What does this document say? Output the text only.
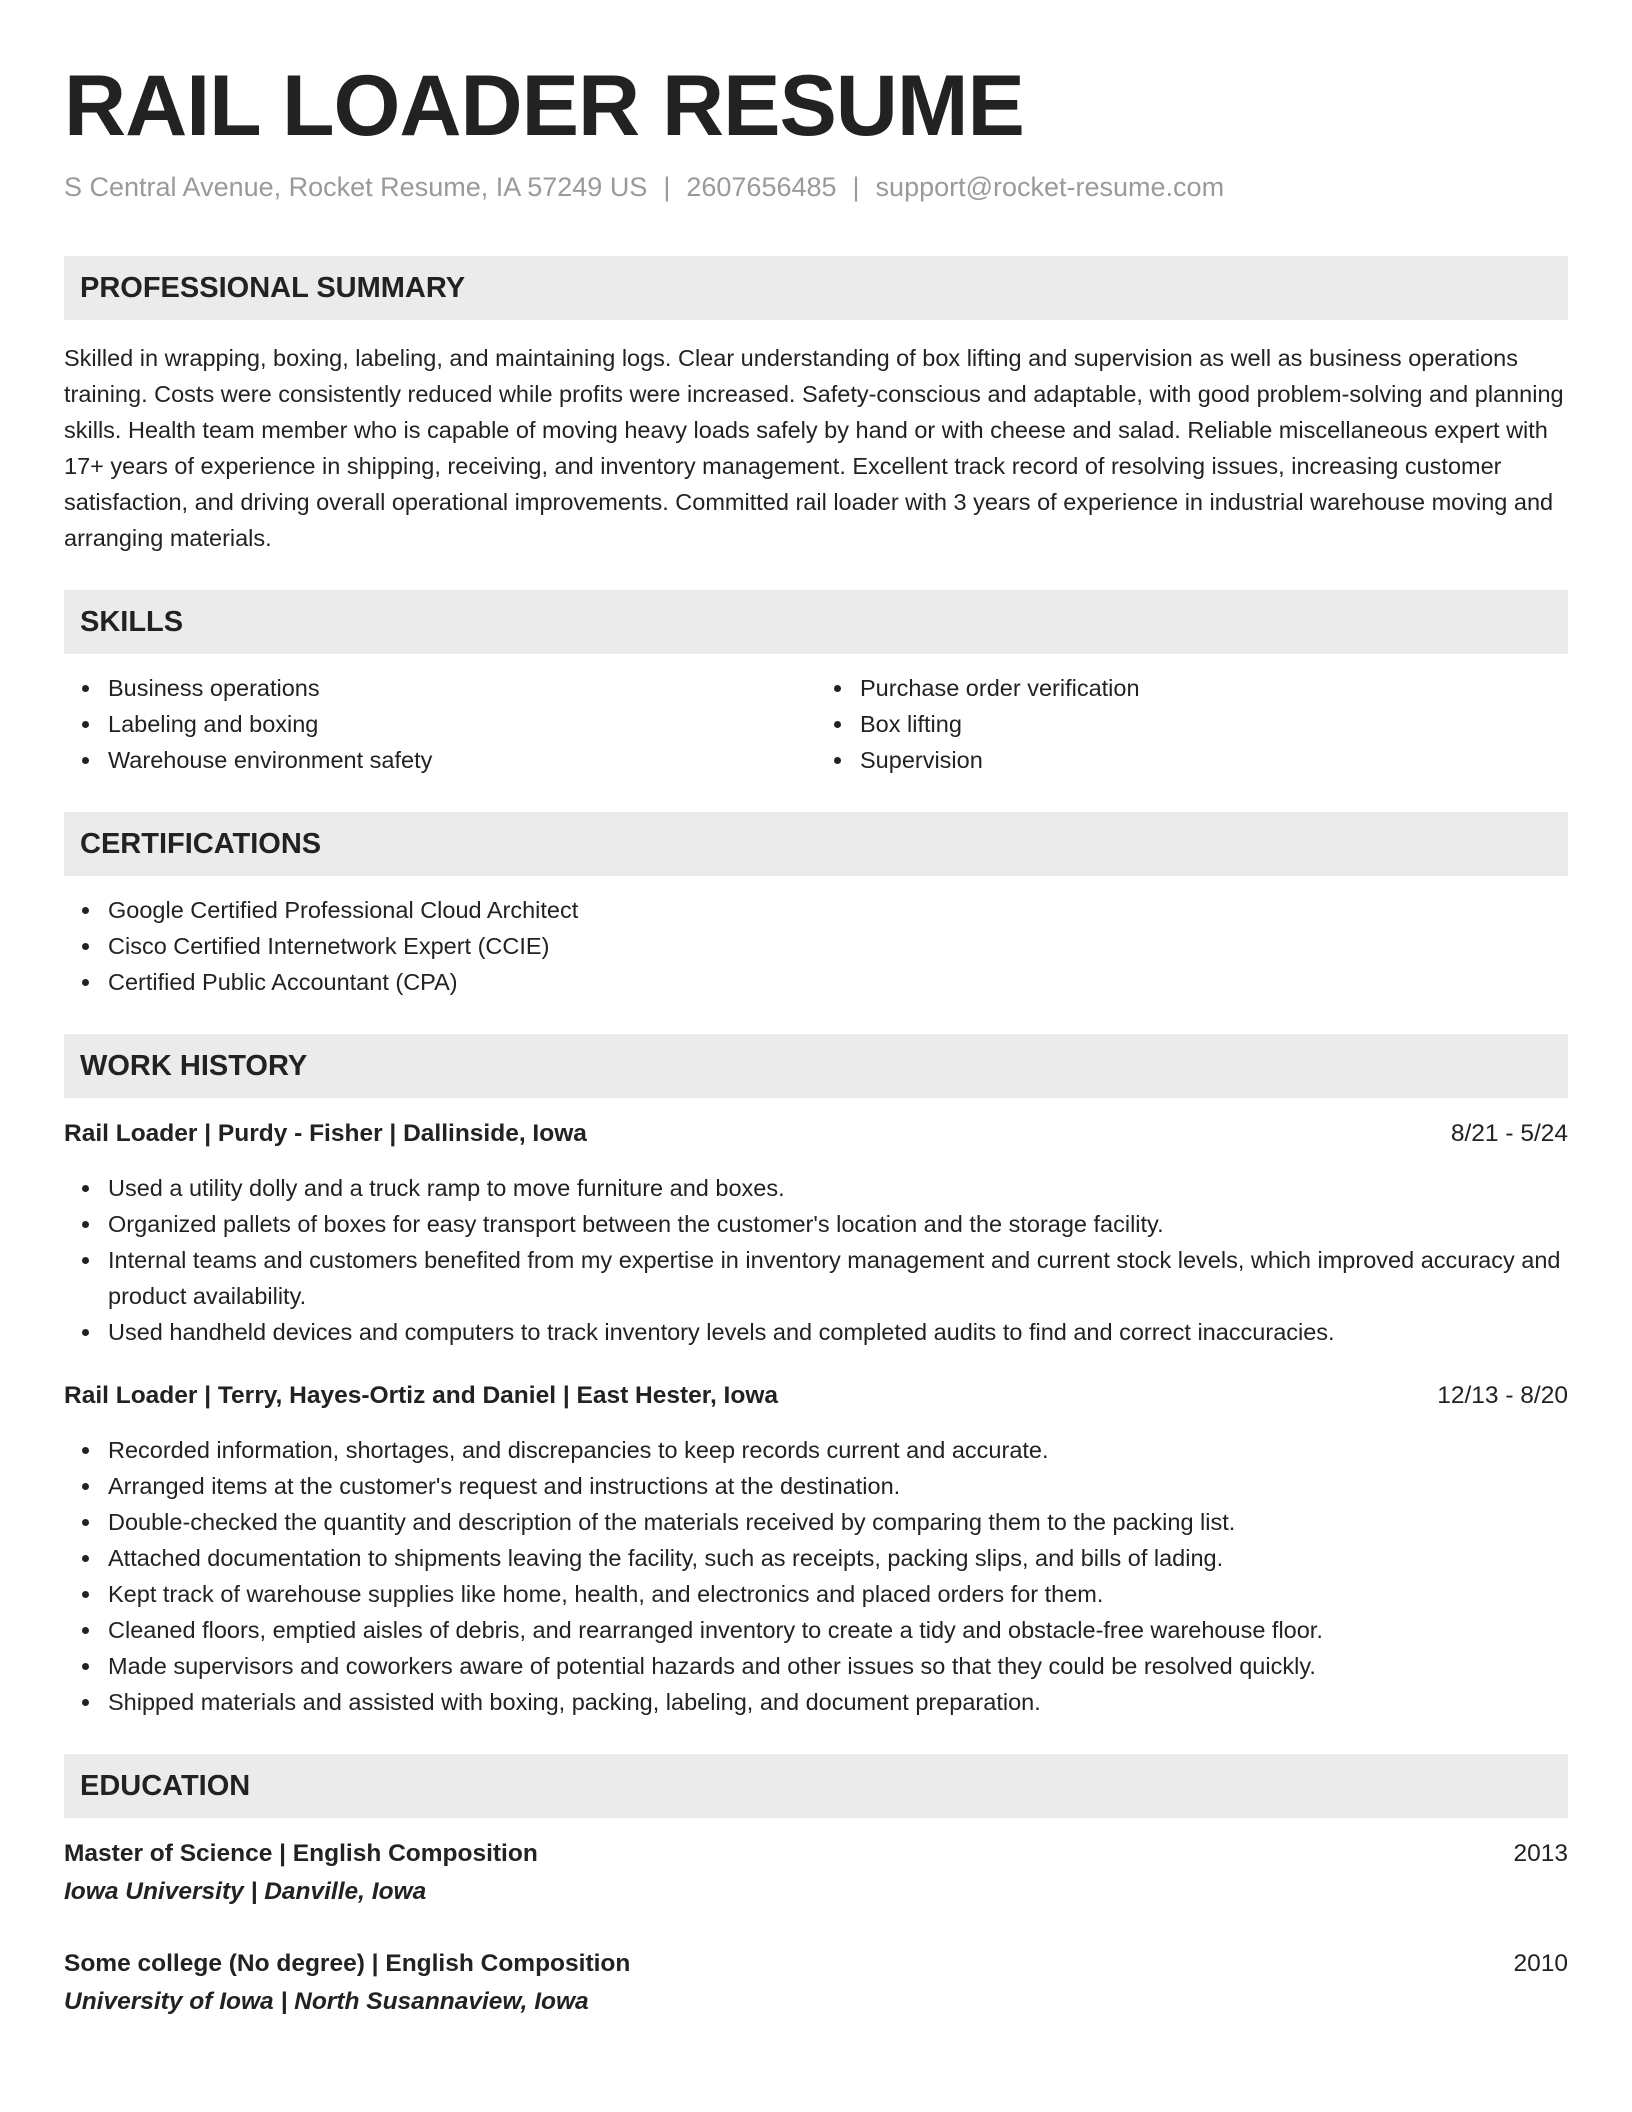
RAIL LOADER RESUME
S Central Avenue, Rocket Resume, IA 57249 US | 2607656485 | support@rocket-resume.com
PROFESSIONAL SUMMARY

Skilled in wrapping, boxing, labeling, and maintaining logs. Clear understanding of box lifting and supervision as well as business operations training. Costs were consistently reduced while profits were increased. Safety-conscious and adaptable, with good problem-solving and planning skills. Health team member who is capable of moving heavy loads safely by hand or with cheese and salad. Reliable miscellaneous expert with 17+ years of experience in shipping, receiving, and inventory management. Excellent track record of resolving issues, increasing customer satisfaction, and driving overall operational improvements. Committed rail loader with 3 years of experience in industrial warehouse moving and arranging materials.

SKILLS
Business operations
Labeling and boxing
Warehouse environment safety
Purchase order verification
Box lifting
Supervision
CERTIFICATIONS
Google Certified Professional Cloud Architect
Cisco Certified Internetwork Expert (CCIE)
Certified Public Accountant (CPA)
WORK HISTORY
Rail Loader | Purdy - Fisher | Dallinside, Iowa	8/21 - 5/24
Used a utility dolly and a truck ramp to move furniture and boxes.
Organized pallets of boxes for easy transport between the customer's location and the storage facility.
Internal teams and customers benefited from my expertise in inventory management and current stock levels, which improved accuracy and product availability.
Used handheld devices and computers to track inventory levels and completed audits to find and correct inaccuracies.
Rail Loader | Terry, Hayes-Ortiz and Daniel | East Hester, Iowa	12/13 - 8/20
Recorded information, shortages, and discrepancies to keep records current and accurate.
Arranged items at the customer's request and instructions at the destination.
Double-checked the quantity and description of the materials received by comparing them to the packing list.
Attached documentation to shipments leaving the facility, such as receipts, packing slips, and bills of lading.
Kept track of warehouse supplies like home, health, and electronics and placed orders for them.
Cleaned floors, emptied aisles of debris, and rearranged inventory to create a tidy and obstacle-free warehouse floor.
Made supervisors and coworkers aware of potential hazards and other issues so that they could be resolved quickly.
Shipped materials and assisted with boxing, packing, labeling, and document preparation.
EDUCATION
Master of Science | English Composition	2013
Iowa University | Danville, Iowa
Some college (No degree) | English Composition	2010
University of Iowa | North Susannaview, Iowa
